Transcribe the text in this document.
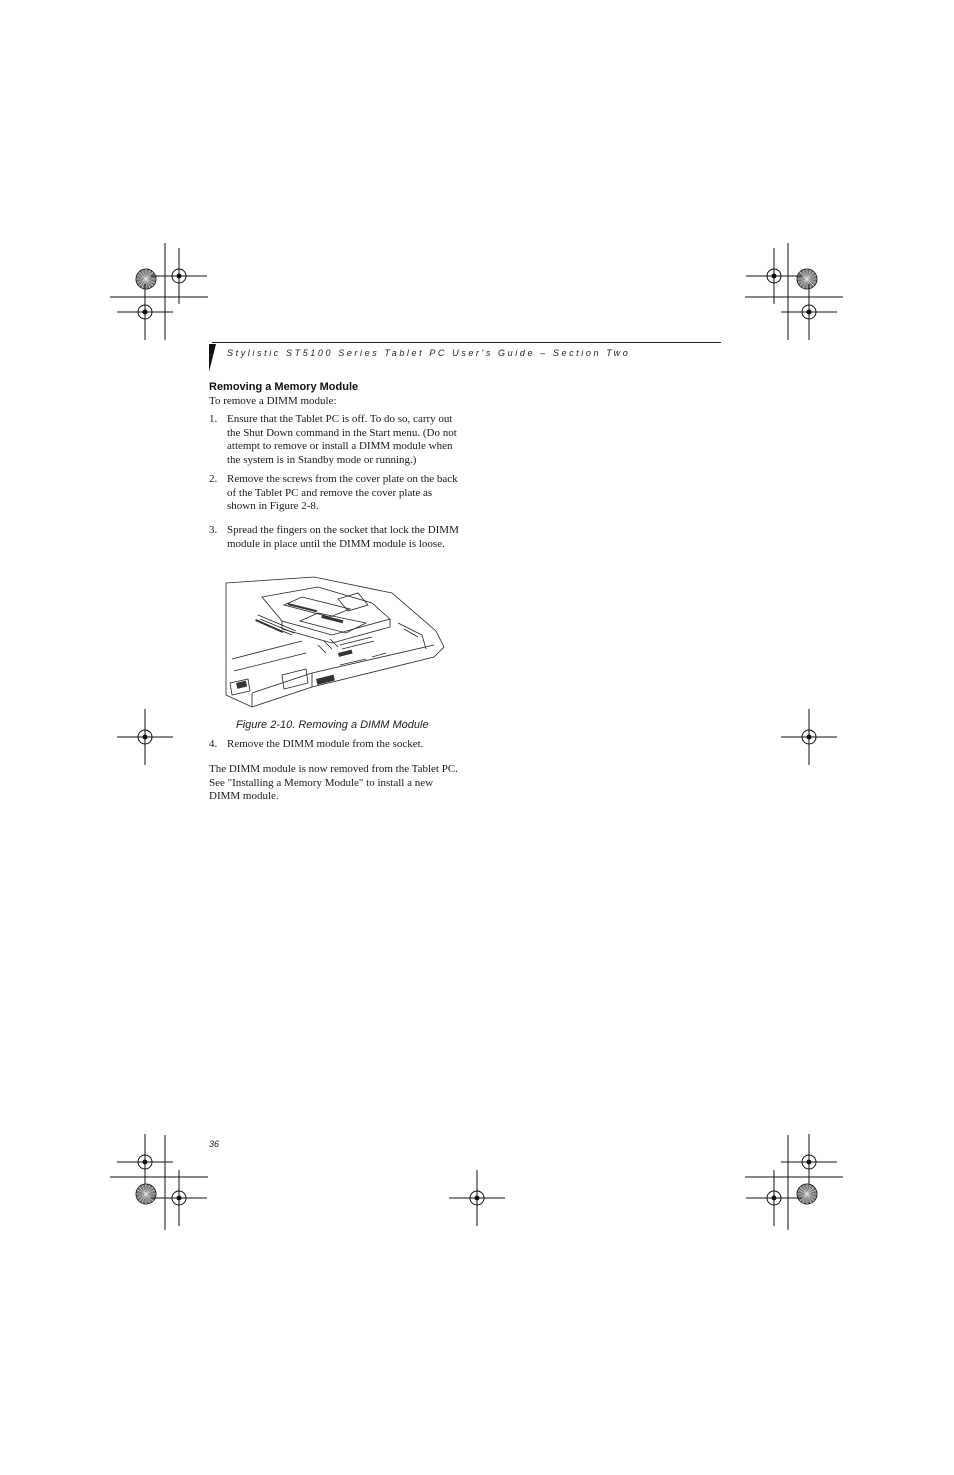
Stylistic ST5100 Series Tablet PC User's Guide – Section Two
Removing a Memory Module
To remove a DIMM module:
1. Ensure that the Tablet PC is off. To do so, carry out the Shut Down command in the Start menu. (Do not attempt to remove or install a DIMM module when the system is in Standby mode or running.)
2. Remove the screws from the cover plate on the back of the Tablet PC and remove the cover plate as shown in Figure 2-8.
3. Spread the fingers on the socket that lock the DIMM module in place until the DIMM module is loose.
Figure 2-10. Removing a DIMM Module
4. Remove the DIMM module from the socket.
The DIMM module is now removed from the Tablet PC. See "Installing a Memory Module" to install a new DIMM module.
36
